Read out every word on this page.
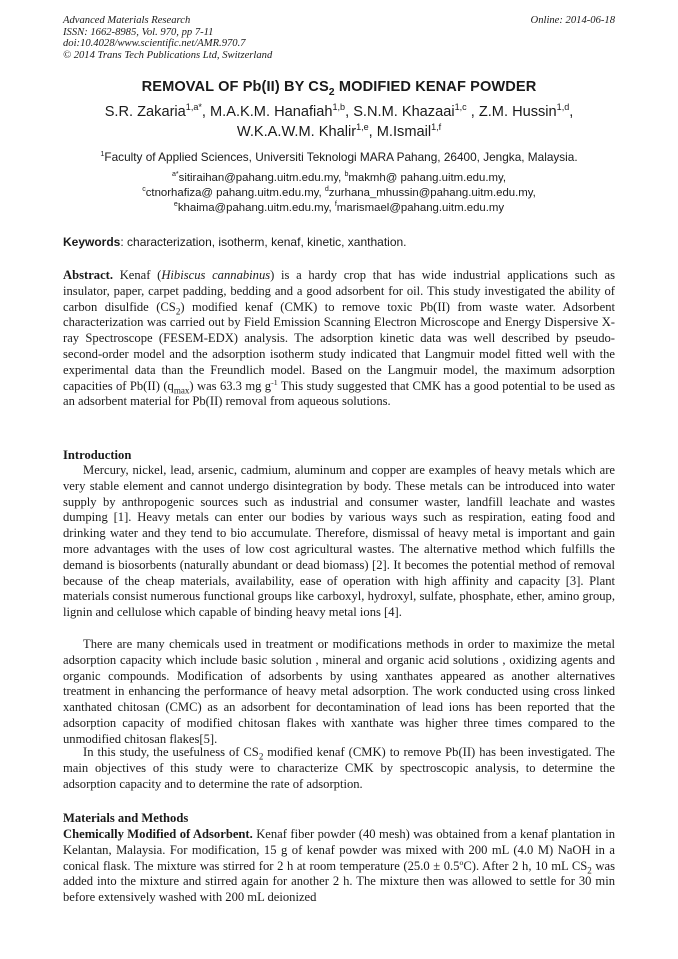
Advanced Materials Research
ISSN: 1662-8985, Vol. 970, pp 7-11
doi:10.4028/www.scientific.net/AMR.970.7
© 2014 Trans Tech Publications Ltd, Switzerland
Online: 2014-06-18
REMOVAL OF Pb(II) BY $CS_2$ MODIFIED KENAF POWDER
S.R. Zakaria$^{1,a*}$, M.A.K.M. Hanafiah$^{1,b}$, S.N.M. Khazaai$^{1,c}$ , Z.M. Hussin$^{1,d}$,
W.K.A.W.M. Khalir$^{1,e}$, M.Ismail$^{1,f}$
$^1$Faculty of Applied Sciences, Universiti Teknologi MARA Pahang, 26400, Jengka, Malaysia.
$^{a*}$sitiraihan@pahang.uitm.edu.my, $^b$makmh@ pahang.uitm.edu.my,
$^c$ctnorhafiza@ pahang.uitm.edu.my, $^d$zurhana_mhussin@pahang.uitm.edu.my,
$^e$khaima@pahang.uitm.edu.my, $^f$marismael@pahang.uitm.edu.my
Keywords: characterization, isotherm, kenaf, kinetic, xanthation.

Abstract. Kenaf (Hibiscus cannabinus) is a hardy crop that has wide industrial applications such as insulator, paper, carpet padding, bedding and a good adsorbent for oil. This study investigated the ability of carbon disulfide $(CS_2)$ modified kenaf (CMK) to remove toxic Pb(II) from waste water. Adsorbent characterization was carried out by Field Emission Scanning Electron Microscope and Energy Dispersive X-ray Spectroscope (FESEM-EDX) analysis. The adsorption kinetic data was well described by pseudo-second-order model and the adsorption isotherm study indicated that Langmuir model fitted well with the experimental data than the Freundlich model. Based on the Langmuir model, the maximum adsorption capacities of Pb(II) $(q_{max})$ was 63.3 mg $g^{-1}$ This study suggested that CMK has a good potential to be used as an adsorbent material for Pb(II) removal from aqueous solutions.

Introduction

Mercury, nickel, lead, arsenic, cadmium, aluminum and copper are examples of heavy metals which are very stable element and cannot undergo disintegration by body. These metals can be introduced into water supply by anthropogenic sources such as industrial and consumer waster, landfill leachate and wastes dumping [1]. Heavy metals can enter our bodies by various ways such as respiration, eating food and drinking water and they tend to bio accumulate. Therefore, dismissal of heavy metal is important and gain more advantages with the uses of low cost agricultural wastes. The alternative method which fulfills the demand is biosorbents (naturally abundant or dead biomass) [2]. It becomes the potential method of removal because of the cheap materials, availability, ease of operation with high affinity and capacity [3]. Plant materials consist numerous functional groups like carboxyl, hydroxyl, sulfate, phosphate, ether, amino group, lignin and cellulose which capable of binding heavy metal ions [4].

There are many chemicals used in treatment or modifications methods in order to maximize the metal adsorption capacity which include basic solution , mineral and organic acid solutions , oxidizing agents and organic compounds. Modification of adsorbents by using xanthates appeared as another alternatives treatment in enhancing the performance of heavy metal adsorption. The work conducted using cross linked xanthated chitosan (CMC) as an adsorbent for decontamination of lead ions has been reported that the adsorption capacity of modified chitosan flakes with xanthate was higher three times compared to the unmodified chitosan flakes[5].

In this study, the usefulness of $CS_2$ modified kenaf (CMK) to remove Pb(II) has been investigated. The main objectives of this study were to characterize CMK by spectroscopic analysis, to determine the adsorption capacity and to determine the rate of adsorption.

Materials and Methods

Chemically Modified of Adsorbent. Kenaf fiber powder (40 mesh) was obtained from a kenaf plantation in Kelantan, Malaysia. For modification, 15 g of kenaf powder was mixed with 200 mL (4.0 M) NaOH in a conical flask. The mixture was stirred for 2 h at room temperature $(25.0 \pm 0.5^oC)$. After 2 h, 10 mL $CS_2$ was added into the mixture and stirred again for another 2 h. The mixture then was allowed to settle for 30 min before extensively washed with 200 mL deionized
